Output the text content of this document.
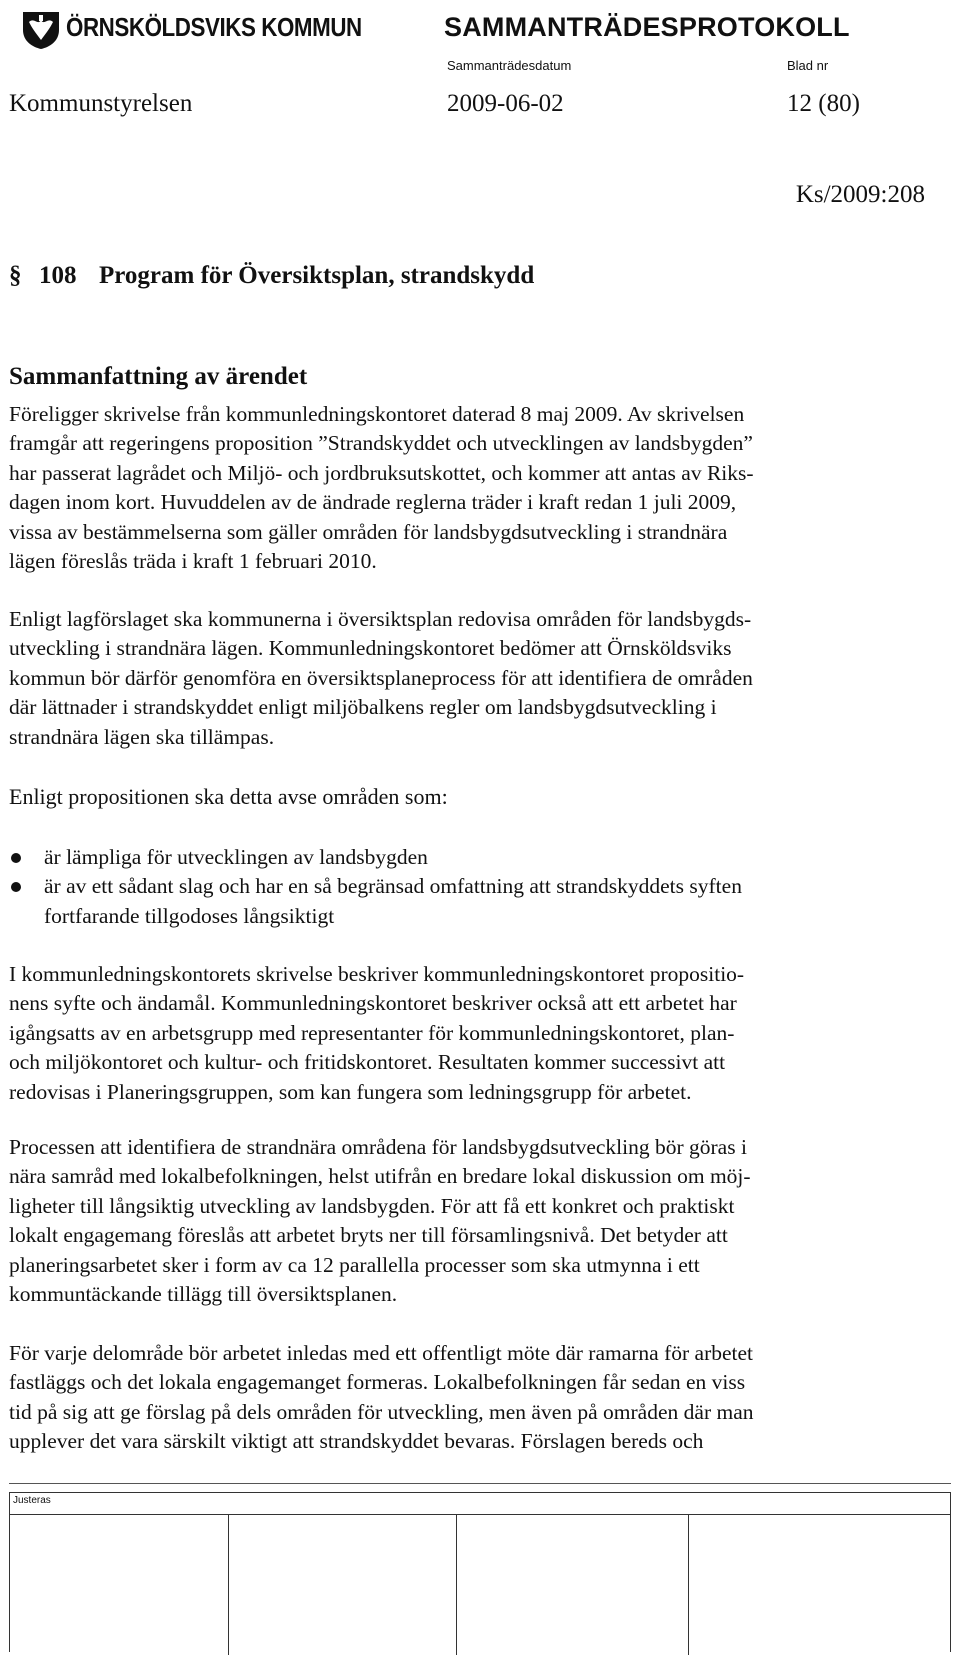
ÖRNSKÖLDSVIKS KOMMUN	SAMMANTRÄDESPROTOKOLL
Sammanträdesdatum	Blad nr
Kommunstyrelsen	2009-06-02	12 (80)
Ks/2009:208
§ 108 Program för Översiktsplan, strandskydd
Sammanfattning av ärendet

Föreligger skrivelse från kommunledningskontoret daterad 8 maj 2009. Av skrivelsen
framgår att regeringens proposition ”Strandskyddet och utvecklingen av landsbygden”
har passerat lagrådet och Miljö- och jordbruksutskottet, och kommer att antas av Riks-
dagen inom kort. Huvuddelen av de ändrade reglerna träder i kraft redan 1 juli 2009,
vissa av bestämmelserna som gäller områden för landsbygdsutveckling i strandnära
lägen föreslås träda i kraft 1 februari 2010.

Enligt lagförslaget ska kommunerna i översiktsplan redovisa områden för landsbygds-
utveckling i strandnära lägen. Kommunledningskontoret bedömer att Örnsköldsviks
kommun bör därför genomföra en översiktsplaneprocess för att identifiera de områden
där lättnader i strandskyddet enligt miljöbalkens regler om landsbygdsutveckling i
strandnära lägen ska tillämpas.

Enligt propositionen ska detta avse områden som:

är lämpliga för utvecklingen av landsbygden
är av ett sådant slag och har en så begränsad omfattning att strandskyddets syften
fortfarande tillgodoses långsiktigt

I kommunledningskontorets skrivelse beskriver kommunledningskontoret propositio-
nens syfte och ändamål. Kommunledningskontoret beskriver också att ett arbetet har
igångsatts av en arbetsgrupp med representanter för kommunledningskontoret, plan-
och miljökontoret och kultur- och fritidskontoret. Resultaten kommer successivt att
redovisas i Planeringsgruppen, som kan fungera som ledningsgrupp för arbetet.

Processen att identifiera de strandnära områdena för landsbygdsutveckling bör göras i
nära samråd med lokalbefolkningen, helst utifrån en bredare lokal diskussion om möj-
ligheter till långsiktig utveckling av landsbygden. För att få ett konkret och praktiskt
lokalt engagemang föreslås att arbetet bryts ner till församlingsnivå. Det betyder att
planeringsarbetet sker i form av ca 12 parallella processer som ska utmynna i ett
kommuntäckande tillägg till översiktsplanen.

För varje delområde bör arbetet inledas med ett offentligt möte där ramarna för arbetet
fastläggs och det lokala engagemanget formeras. Lokalbefolkningen får sedan en viss
tid på sig att ge förslag på dels områden för utveckling, men även på områden där man
upplever det vara särskilt viktigt att strandskyddet bevaras. Förslagen bereds och

Justeras
